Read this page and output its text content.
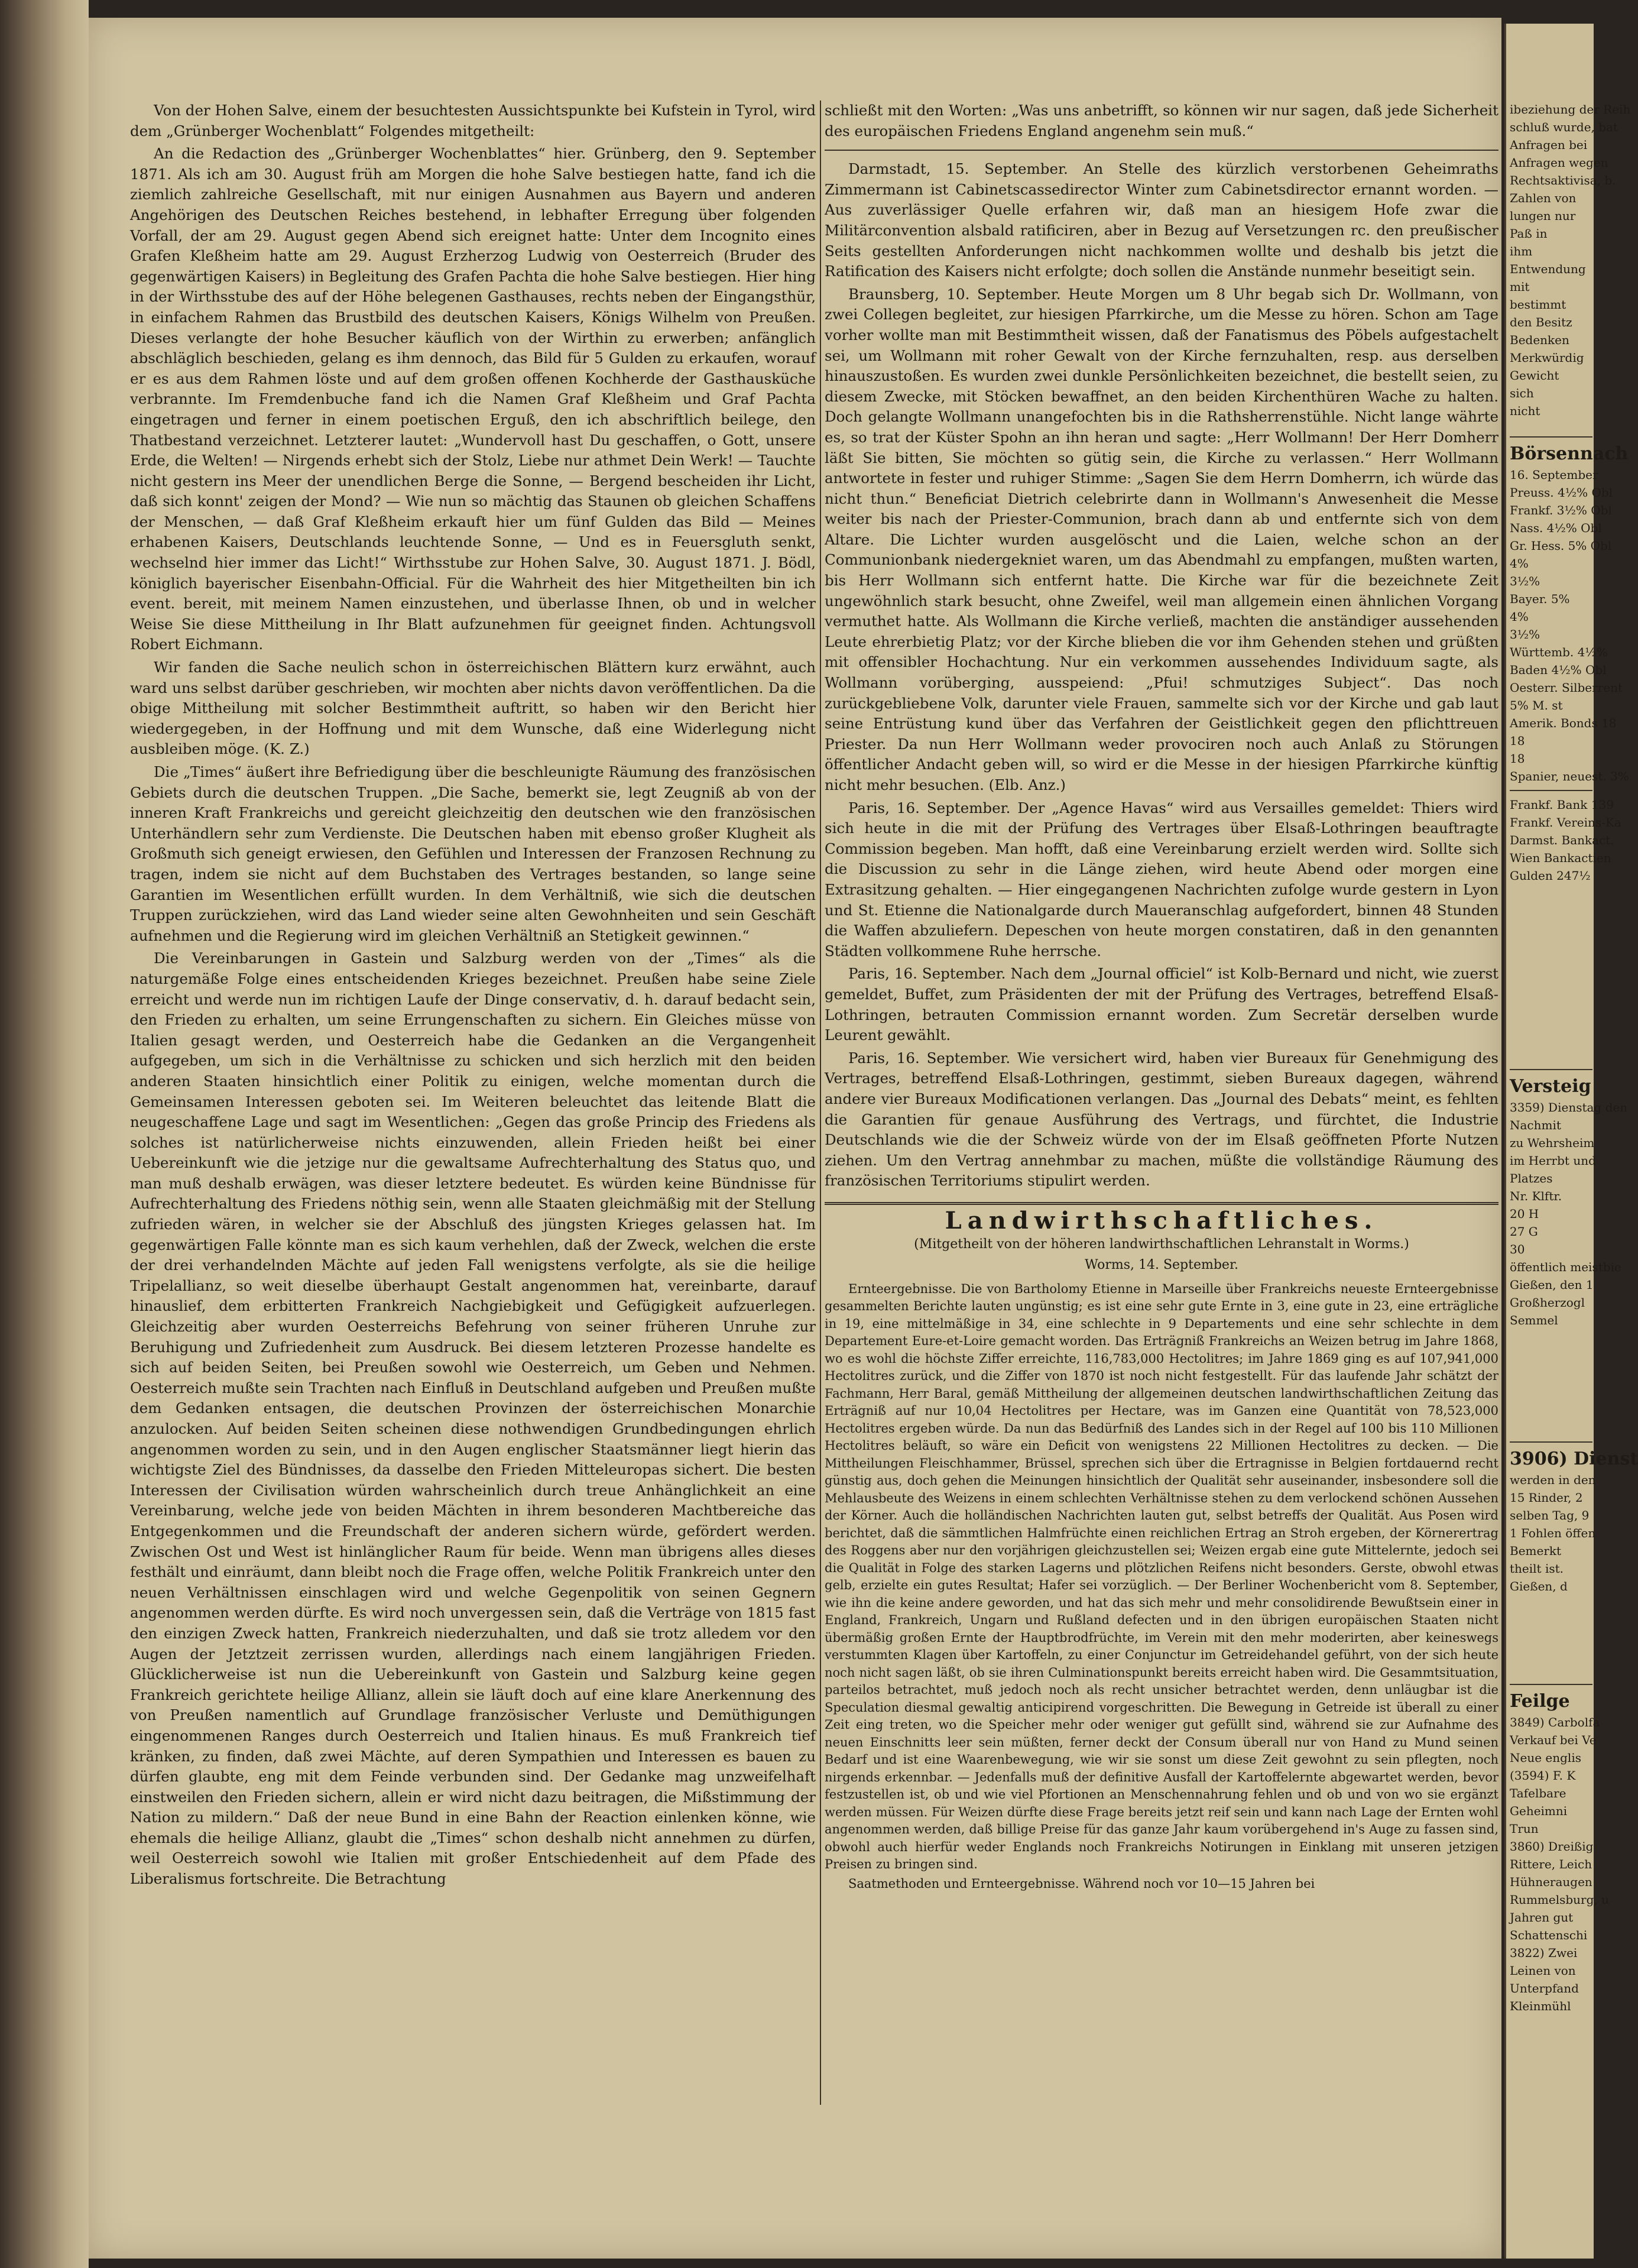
Von der Hohen Salve, einem der besuchtesten Aussichtspunkte bei Kufstein in Tyrol, wird dem „Grünberger Wochenblatt“ Folgendes mitgetheilt:

An die Redaction des „Grünberger Wochenblattes“ hier. Grünberg, den 9. September 1871. Als ich am 30. August früh am Morgen die hohe Salve bestiegen hatte, fand ich die ziemlich zahlreiche Gesellschaft, mit nur einigen Ausnahmen aus Bayern und anderen Angehörigen des Deutschen Reiches bestehend, in lebhafter Erregung über folgenden Vorfall, der am 29. August gegen Abend sich ereignet hatte: Unter dem Incognito eines Grafen Kleßheim hatte am 29. August Erzherzog Ludwig von Oesterreich (Bruder des gegenwärtigen Kaisers) in Begleitung des Grafen Pachta die hohe Salve bestiegen. Hier hing in der Wirthsstube des auf der Höhe belegenen Gasthauses, rechts neben der Eingangsthür, in einfachem Rahmen das Brustbild des deutschen Kaisers, Königs Wilhelm von Preußen. Dieses verlangte der hohe Besucher käuflich von der Wirthin zu erwerben; anfänglich abschläglich beschieden, gelang es ihm dennoch, das Bild für 5 Gulden zu erkaufen, worauf er es aus dem Rahmen löste und auf dem großen offenen Kochherde der Gasthausküche verbrannte. Im Fremdenbuche fand ich die Namen Graf Kleßheim und Graf Pachta eingetragen und ferner in einem poetischen Erguß, den ich abschriftlich beilege, den Thatbestand verzeichnet. Letzterer lautet: „Wundervoll hast Du geschaffen, o Gott, unsere Erde, die Welten! — Nirgends erhebt sich der Stolz, Liebe nur athmet Dein Werk! — Tauchte nicht gestern ins Meer der unendlichen Berge die Sonne, — Bergend bescheiden ihr Licht, daß sich konnt' zeigen der Mond? — Wie nun so mächtig das Staunen ob gleichen Schaffens der Menschen, — daß Graf Kleßheim erkauft hier um fünf Gulden das Bild — Meines erhabenen Kaisers, Deutschlands leuchtende Sonne, — Und es in Feuersgluth senkt, wechselnd hier immer das Licht!“ Wirthsstube zur Hohen Salve, 30. August 1871. J. Bödl, königlich bayerischer Eisenbahn-Official. Für die Wahrheit des hier Mitgetheilten bin ich event. bereit, mit meinem Namen einzustehen, und überlasse Ihnen, ob und in welcher Weise Sie diese Mittheilung in Ihr Blatt aufzunehmen für geeignet finden. Achtungsvoll Robert Eichmann.

Wir fanden die Sache neulich schon in österreichischen Blättern kurz erwähnt, auch ward uns selbst darüber geschrieben, wir mochten aber nichts davon veröffentlichen. Da die obige Mittheilung mit solcher Bestimmtheit auftritt, so haben wir den Bericht hier wiedergegeben, in der Hoffnung und mit dem Wunsche, daß eine Widerlegung nicht ausbleiben möge. (K. Z.)

Die „Times“ äußert ihre Befriedigung über die beschleunigte Räumung des französischen Gebiets durch die deutschen Truppen. „Die Sache, bemerkt sie, legt Zeugniß ab von der inneren Kraft Frankreichs und gereicht gleichzeitig den deutschen wie den französischen Unterhändlern sehr zum Verdienste. Die Deutschen haben mit ebenso großer Klugheit als Großmuth sich geneigt erwiesen, den Gefühlen und Interessen der Franzosen Rechnung zu tragen, indem sie nicht auf dem Buchstaben des Vertrages bestanden, so lange seine Garantien im Wesentlichen erfüllt wurden. In dem Verhältniß, wie sich die deutschen Truppen zurückziehen, wird das Land wieder seine alten Gewohnheiten und sein Geschäft aufnehmen und die Regierung wird im gleichen Verhältniß an Stetigkeit gewinnen.“

Die Vereinbarungen in Gastein und Salzburg werden von der „Times“ als die naturgemäße Folge eines entscheidenden Krieges bezeichnet. Preußen habe seine Ziele erreicht und werde nun im richtigen Laufe der Dinge conservativ, d. h. darauf bedacht sein, den Frieden zu erhalten, um seine Errungenschaften zu sichern. Ein Gleiches müsse von Italien gesagt werden, und Oesterreich habe die Gedanken an die Vergangenheit aufgegeben, um sich in die Verhältnisse zu schicken und sich herzlich mit den beiden anderen Staaten hinsichtlich einer Politik zu einigen, welche momentan durch die Gemeinsamen Interessen geboten sei. Im Weiteren beleuchtet das leitende Blatt die neugeschaffene Lage und sagt im Wesentlichen: „Gegen das große Princip des Friedens als solches ist natürlicherweise nichts einzuwenden, allein Frieden heißt bei einer Uebereinkunft wie die jetzige nur die gewaltsame Aufrechterhaltung des Status quo, und man muß deshalb erwägen, was dieser letztere bedeutet. Es würden keine Bündnisse für Aufrechterhaltung des Friedens nöthig sein, wenn alle Staaten gleichmäßig mit der Stellung zufrieden wären, in welcher sie der Abschluß des jüngsten Krieges gelassen hat. Im gegenwärtigen Falle könnte man es sich kaum verhehlen, daß der Zweck, welchen die erste der drei verhandelnden Mächte auf jeden Fall wenigstens verfolgte, als sie die heilige Tripelallianz, so weit dieselbe überhaupt Gestalt angenommen hat, vereinbarte, darauf hinauslief, dem erbitterten Frankreich Nachgiebigkeit und Gefügigkeit aufzuerlegen. Gleichzeitig aber wurden Oesterreichs Befehrung von seiner früheren Unruhe zur Beruhigung und Zufriedenheit zum Ausdruck. Bei diesem letzteren Prozesse handelte es sich auf beiden Seiten, bei Preußen sowohl wie Oesterreich, um Geben und Nehmen. Oesterreich mußte sein Trachten nach Einfluß in Deutschland aufgeben und Preußen mußte dem Gedanken entsagen, die deutschen Provinzen der österreichischen Monarchie anzulocken. Auf beiden Seiten scheinen diese nothwendigen Grundbedingungen ehrlich angenommen worden zu sein, und in den Augen englischer Staatsmänner liegt hierin das wichtigste Ziel des Bündnisses, da dasselbe den Frieden Mitteleuropas sichert. Die besten Interessen der Civilisation würden wahrscheinlich durch treue Anhänglichkeit an eine Vereinbarung, welche jede von beiden Mächten in ihrem besonderen Machtbereiche das Entgegenkommen und die Freundschaft der anderen sichern würde, gefördert werden. Zwischen Ost und West ist hinlänglicher Raum für beide. Wenn man übrigens alles dieses festhält und einräumt, dann bleibt noch die Frage offen, welche Politik Frankreich unter den neuen Verhältnissen einschlagen wird und welche Gegenpolitik von seinen Gegnern angenommen werden dürfte. Es wird noch unvergessen sein, daß die Verträge von 1815 fast den einzigen Zweck hatten, Frankreich niederzuhalten, und daß sie trotz alledem vor den Augen der Jetztzeit zerrissen wurden, allerdings nach einem langjährigen Frieden. Glücklicherweise ist nun die Uebereinkunft von Gastein und Salzburg keine gegen Frankreich gerichtete heilige Allianz, allein sie läuft doch auf eine klare Anerkennung des von Preußen namentlich auf Grundlage französischer Verluste und Demüthigungen eingenommenen Ranges durch Oesterreich und Italien hinaus. Es muß Frankreich tief kränken, zu finden, daß zwei Mächte, auf deren Sympathien und Interessen es bauen zu dürfen glaubte, eng mit dem Feinde verbunden sind. Der Gedanke mag unzweifelhaft einstweilen den Frieden sichern, allein er wird nicht dazu beitragen, die Mißstimmung der Nation zu mildern.“ Daß der neue Bund in eine Bahn der Reaction einlenken könne, wie ehemals die heilige Allianz, glaubt die „Times“ schon deshalb nicht annehmen zu dürfen, weil Oesterreich sowohl wie Italien mit großer Entschiedenheit auf dem Pfade des Liberalismus fortschreite. Die Betrachtung

schließt mit den Worten: „Was uns anbetrifft, so können wir nur sagen, daß jede Sicherheit des europäischen Friedens England angenehm sein muß.“

Darmstadt, 15. September. An Stelle des kürzlich verstorbenen Geheimraths Zimmermann ist Cabinetscassedirector Winter zum Cabinetsdirector ernannt worden. — Aus zuverlässiger Quelle erfahren wir, daß man an hiesigem Hofe zwar die Militärconvention alsbald ratificiren, aber in Bezug auf Versetzungen rc. den preußischer Seits gestellten Anforderungen nicht nachkommen wollte und deshalb bis jetzt die Ratification des Kaisers nicht erfolgte; doch sollen die Anstände nunmehr beseitigt sein.

Braunsberg, 10. September. Heute Morgen um 8 Uhr begab sich Dr. Wollmann, von zwei Collegen begleitet, zur hiesigen Pfarrkirche, um die Messe zu hören. Schon am Tage vorher wollte man mit Bestimmtheit wissen, daß der Fanatismus des Pöbels aufgestachelt sei, um Wollmann mit roher Gewalt von der Kirche fernzuhalten, resp. aus derselben hinauszustoßen. Es wurden zwei dunkle Persönlichkeiten bezeichnet, die bestellt seien, zu diesem Zwecke, mit Stöcken bewaffnet, an den beiden Kirchenthüren Wache zu halten. Doch gelangte Wollmann unangefochten bis in die Rathsherrenstühle. Nicht lange währte es, so trat der Küster Spohn an ihn heran und sagte: „Herr Wollmann! Der Herr Domherr läßt Sie bitten, Sie möchten so gütig sein, die Kirche zu verlassen.“ Herr Wollmann antwortete in fester und ruhiger Stimme: „Sagen Sie dem Herrn Domherrn, ich würde das nicht thun.“ Beneficiat Dietrich celebrirte dann in Wollmann's Anwesenheit die Messe weiter bis nach der Priester-Communion, brach dann ab und entfernte sich von dem Altare. Die Lichter wurden ausgelöscht und die Laien, welche schon an der Communionbank niedergekniet waren, um das Abendmahl zu empfangen, mußten warten, bis Herr Wollmann sich entfernt hatte. Die Kirche war für die bezeichnete Zeit ungewöhnlich stark besucht, ohne Zweifel, weil man allgemein einen ähnlichen Vorgang vermuthet hatte. Als Wollmann die Kirche verließ, machten die anständiger aussehenden Leute ehrerbietig Platz; vor der Kirche blieben die vor ihm Gehenden stehen und grüßten mit offensibler Hochachtung. Nur ein verkommen aussehendes Individuum sagte, als Wollmann vorüberging, ausspeiend: „Pfui! schmutziges Subject“. Das noch zurückgebliebene Volk, darunter viele Frauen, sammelte sich vor der Kirche und gab laut seine Entrüstung kund über das Verfahren der Geistlichkeit gegen den pflichttreuen Priester. Da nun Herr Wollmann weder provociren noch auch Anlaß zu Störungen öffentlicher Andacht geben will, so wird er die Messe in der hiesigen Pfarrkirche künftig nicht mehr besuchen. (Elb. Anz.)

Paris, 16. September. Der „Agence Havas“ wird aus Versailles gemeldet: Thiers wird sich heute in die mit der Prüfung des Vertrages über Elsaß-Lothringen beauftragte Commission begeben. Man hofft, daß eine Vereinbarung erzielt werden wird. Sollte sich die Discussion zu sehr in die Länge ziehen, wird heute Abend oder morgen eine Extrasitzung gehalten. — Hier eingegangenen Nachrichten zufolge wurde gestern in Lyon und St. Etienne die Nationalgarde durch Maueranschlag aufgefordert, binnen 48 Stunden die Waffen abzuliefern. Depeschen von heute morgen constatiren, daß in den genannten Städten vollkommene Ruhe herrsche.

Paris, 16. September. Nach dem „Journal officiel“ ist Kolb-Bernard und nicht, wie zuerst gemeldet, Buffet, zum Präsidenten der mit der Prüfung des Vertrages, betreffend Elsaß-Lothringen, betrauten Commission ernannt worden. Zum Secretär derselben wurde Leurent gewählt.

Paris, 16. September. Wie versichert wird, haben vier Bureaux für Genehmigung des Vertrages, betreffend Elsaß-Lothringen, gestimmt, sieben Bureaux dagegen, während andere vier Bureaux Modificationen verlangen. Das „Journal des Debats“ meint, es fehlten die Garantien für genaue Ausführung des Vertrags, und fürchtet, die Industrie Deutschlands wie die der Schweiz würde von der im Elsaß geöffneten Pforte Nutzen ziehen. Um den Vertrag annehmbar zu machen, müßte die vollständige Räumung des französischen Territoriums stipulirt werden.

Landwirthschaftliches.
(Mitgetheilt von der höheren landwirthschaftlichen Lehranstalt in Worms.)
Worms, 14. September.

Ernteergebnisse. Die von Bartholomy Etienne in Marseille über Frankreichs neueste Ernteergebnisse gesammelten Berichte lauten ungünstig; es ist eine sehr gute Ernte in 3, eine gute in 23, eine erträgliche in 19, eine mittelmäßige in 34, eine schlechte in 9 Departements und eine sehr schlechte in dem Departement Eure-et-Loire gemacht worden. Das Erträgniß Frankreichs an Weizen betrug im Jahre 1868, wo es wohl die höchste Ziffer erreichte, 116,783,000 Hectolitres; im Jahre 1869 ging es auf 107,941,000 Hectolitres zurück, und die Ziffer von 1870 ist noch nicht festgestellt. Für das laufende Jahr schätzt der Fachmann, Herr Baral, gemäß Mittheilung der allgemeinen deutschen landwirthschaftlichen Zeitung das Erträgniß auf nur 10,04 Hectolitres per Hectare, was im Ganzen eine Quantität von 78,523,000 Hectolitres ergeben würde. Da nun das Bedürfniß des Landes sich in der Regel auf 100 bis 110 Millionen Hectolitres beläuft, so wäre ein Deficit von wenigstens 22 Millionen Hectolitres zu decken. — Die Mittheilungen Fleischhammer, Brüssel, sprechen sich über die Ertragnisse in Belgien fortdauernd recht günstig aus, doch gehen die Meinungen hinsichtlich der Qualität sehr auseinander, insbesondere soll die Mehlausbeute des Weizens in einem schlechten Verhältnisse stehen zu dem verlockend schönen Aussehen der Körner. Auch die holländischen Nachrichten lauten gut, selbst betreffs der Qualität. Aus Posen wird berichtet, daß die sämmtlichen Halmfrüchte einen reichlichen Ertrag an Stroh ergeben, der Körnerertrag des Roggens aber nur den vorjährigen gleichzustellen sei; Weizen ergab eine gute Mittelernte, jedoch sei die Qualität in Folge des starken Lagerns und plötzlichen Reifens nicht besonders. Gerste, obwohl etwas gelb, erzielte ein gutes Resultat; Hafer sei vorzüglich. — Der Berliner Wochenbericht vom 8. September, wie ihn die keine andere geworden, und hat das sich mehr und mehr consolidirende Bewußtsein einer in England, Frankreich, Ungarn und Rußland defecten und in den übrigen europäischen Staaten nicht übermäßig großen Ernte der Hauptbrodfrüchte, im Verein mit den mehr moderirten, aber keineswegs verstummten Klagen über Kartoffeln, zu einer Conjunctur im Getreidehandel geführt, von der sich heute noch nicht sagen läßt, ob sie ihren Culminationspunkt bereits erreicht haben wird. Die Gesammtsituation, parteilos betrachtet, muß jedoch noch als recht unsicher betrachtet werden, denn unläugbar ist die Speculation diesmal gewaltig anticipirend vorgeschritten. Die Bewegung in Getreide ist überall zu einer Zeit eing treten, wo die Speicher mehr oder weniger gut gefüllt sind, während sie zur Aufnahme des neuen Einschnitts leer sein müßten, ferner deckt der Consum überall nur von Hand zu Mund seinen Bedarf und ist eine Waarenbewegung, wie wir sie sonst um diese Zeit gewohnt zu sein pflegten, noch nirgends erkennbar. — Jedenfalls muß der definitive Ausfall der Kartoffelernte abgewartet werden, bevor festzustellen ist, ob und wie viel Pfortionen an Menschennahrung fehlen und ob und von wo sie ergänzt werden müssen. Für Weizen dürfte diese Frage bereits jetzt reif sein und kann nach Lage der Ernten wohl angenommen werden, daß billige Preise für das ganze Jahr kaum vorübergehend in's Auge zu fassen sind, obwohl auch hierfür weder Englands noch Frankreichs Notirungen in Einklang mit unseren jetzigen Preisen zu bringen sind.

Saatmethoden und Ernteergebnisse. Während noch vor 10—15 Jahren bei

ibeziehung der Reih
schluß wurde, bat
Anfragen bei
Anfragen wegen
Rechtsaktivisa, b.
Zahlen von
lungen nur
Paß in
ihm
Entwendung
mit
bestimmt
den Besitz
Bedenken
Merkwürdig
Gewicht
sich
nicht
Börsennach
16. September
Preuss. 4½% Obl
Frankf. 3½% Obl
Nass. 4½% Obl
Gr. Hess. 5% Obl
4%
3½%
Bayer. 5%
4%
3½%
Württemb. 4½%
Baden 4½% Obl
Oesterr. Silberrent
5% M. st
Amerik. Bonds 18
18
18
Spanier, neuest. 3%
Frankf. Bank 139
Frankf. Vereins-Ka
Darmst. Bankact.
Wien Bankactien
Gulden 247½
Versteig
3359) Dienstag den
Nachmit
zu Wehrsheim
im Herrbt und
Platzes
Nr. Klftr.
20 H
27 G
30
öffentlich meistbie
Gießen, den 1
Großherzogl
Semmel
3906) Dienst
werden in den
15 Rinder, 2
selben Tag, 9
1 Fohlen öffen
Bemerkt
theilt ist.
Gießen, d
Feilge
3849) Carbolfa
Verkauf bei Ve
Neue englis
(3594) F. K
Tafelbare
Geheimni
Trun
3860) Dreißig
Rittere, Leich
Hühneraugen
Rummelsburg, u
Jahren gut
Schattenschi
3822) Zwei
Leinen von
Unterpfand
Kleinmühl
